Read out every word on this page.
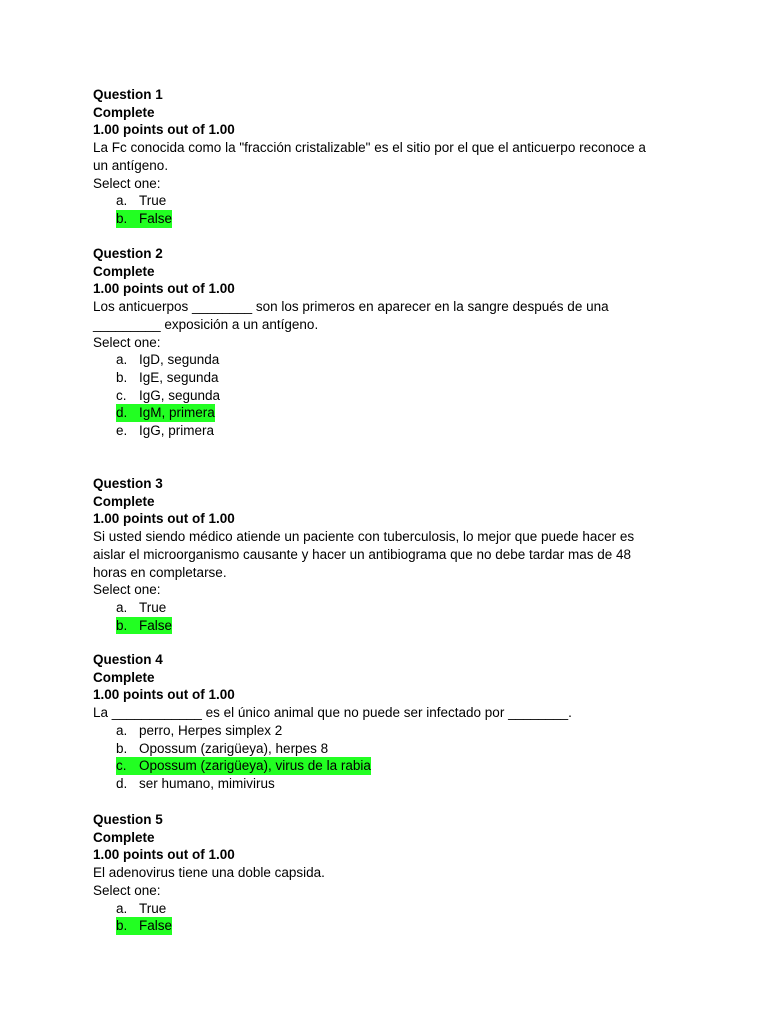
Question 1
Complete
1.00 points out of 1.00
La Fc conocida como la "fracción cristalizable" es el sitio por el que el anticuerpo reconoce a
un antígeno.
Select one:
a. True
b. False
Question 2
Complete
1.00 points out of 1.00
Los anticuerpos ________ son los primeros en aparecer en la sangre después de una
_________ exposición a un antígeno.
Select one:
a. IgD, segunda
b. IgE, segunda
c. IgG, segunda
d. IgM, primera
e. IgG, primera
Question 3
Complete
1.00 points out of 1.00
Si usted siendo médico atiende un paciente con tuberculosis, lo mejor que puede hacer es
aislar el microorganismo causante y hacer un antibiograma que no debe tardar mas de 48
horas en completarse.
Select one:
a. True
b. False
Question 4
Complete
1.00 points out of 1.00
La ____________ es el único animal que no puede ser infectado por ________.
a. perro, Herpes simplex 2
b. Opossum (zarigüeya), herpes 8
c. Opossum (zarigüeya), virus de la rabia
d. ser humano, mimivirus
Question 5
Complete
1.00 points out of 1.00
El adenovirus tiene una doble capsida.
Select one:
a. True
b. False
